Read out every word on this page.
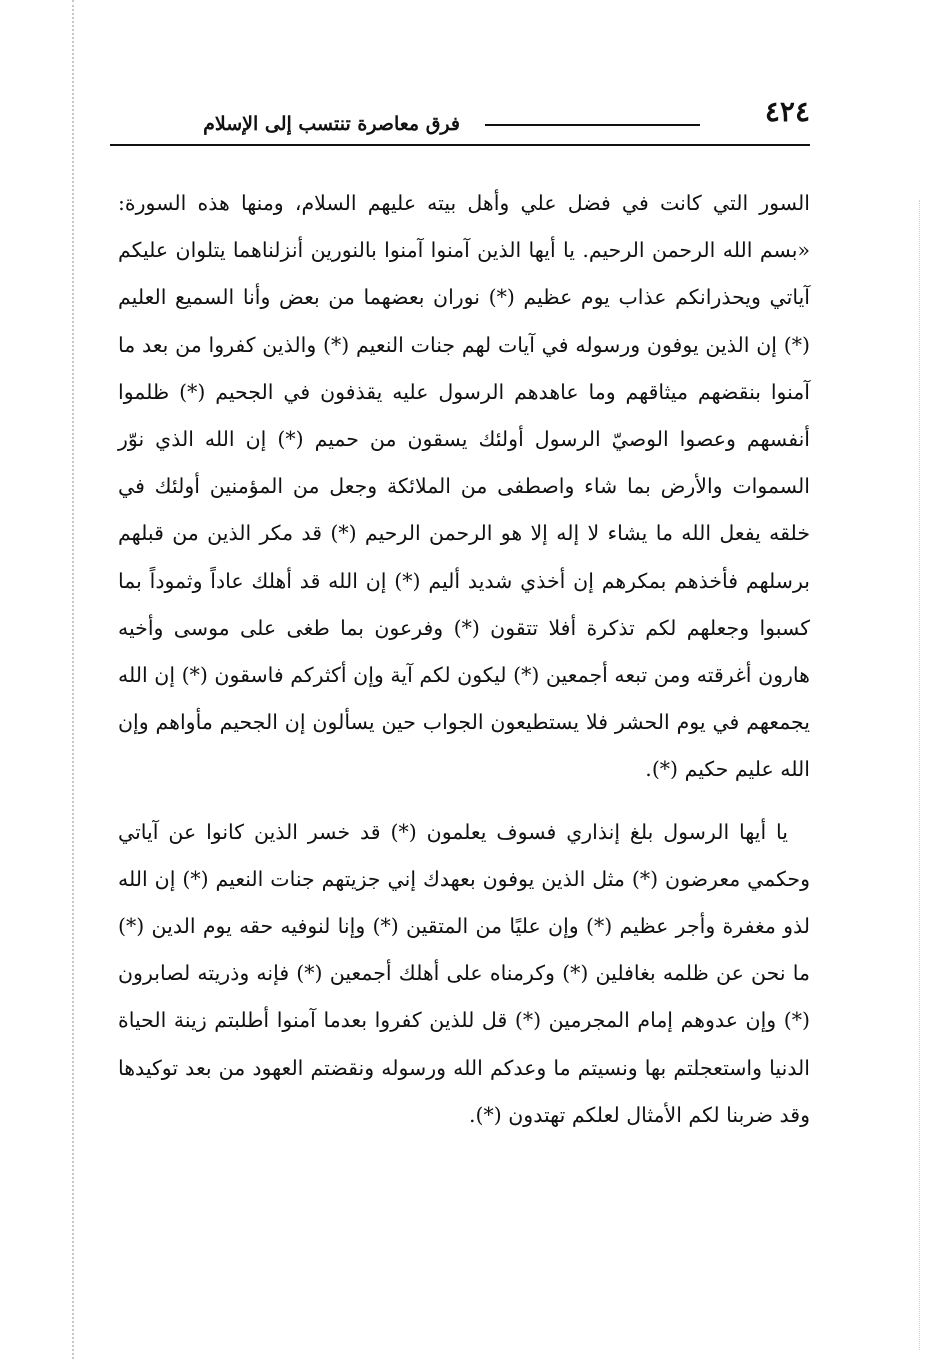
٤٢٤
فرق معاصرة تنتسب إلى الإسلام

السور التي كانت في فضل علي وأهل بيته عليهم السلام، ومنها هذه السورة: «بسم الله الرحمن الرحيم. يا أيها الذين آمنوا آمنوا بالنورين أنزلناهما يتلوان عليكم آياتي ويحذرانكم عذاب يوم عظيم (*) نوران بعضهما من بعض وأنا السميع العليم (*) إن الذين يوفون ورسوله في آيات لهم جنات النعيم (*) والذين كفروا من بعد ما آمنوا بنقضهم ميثاقهم وما عاهدهم الرسول عليه يقذفون في الجحيم (*) ظلموا أنفسهم وعصوا الوصيّ الرسول أولئك يسقون من حميم (*) إن الله الذي نوّر السموات والأرض بما شاء واصطفى من الملائكة وجعل من المؤمنين أولئك في خلقه يفعل الله ما يشاء لا إله إلا هو الرحمن الرحيم (*) قد مكر الذين من قبلهم برسلهم فأخذهم بمكرهم إن أخذي شديد أليم (*) إن الله قد أهلك عاداً وثموداً بما كسبوا وجعلهم لكم تذكرة أفلا تتقون (*) وفرعون بما طغى على موسى وأخيه هارون أغرقته ومن تبعه أجمعين (*) ليكون لكم آية وإن أكثركم فاسقون (*) إن الله يجمعهم في يوم الحشر فلا يستطيعون الجواب حين يسألون إن الجحيم مأواهم وإن الله عليم حكيم (*).

يا أيها الرسول بلغ إنذاري فسوف يعلمون (*) قد خسر الذين كانوا عن آياتي وحكمي معرضون (*) مثل الذين يوفون بعهدك إني جزيتهم جنات النعيم (*) إن الله لذو مغفرة وأجر عظيم (*) وإن عليًا من المتقين (*) وإنا لنوفيه حقه يوم الدين (*) ما نحن عن ظلمه بغافلين (*) وكرمناه على أهلك أجمعين (*) فإنه وذريته لصابرون (*) وإن عدوهم إمام المجرمين (*) قل للذين كفروا بعدما آمنوا أطلبتم زينة الحياة الدنيا واستعجلتم بها ونسيتم ما وعدكم الله ورسوله ونقضتم العهود من بعد توكيدها وقد ضربنا لكم الأمثال لعلكم تهتدون (*).
